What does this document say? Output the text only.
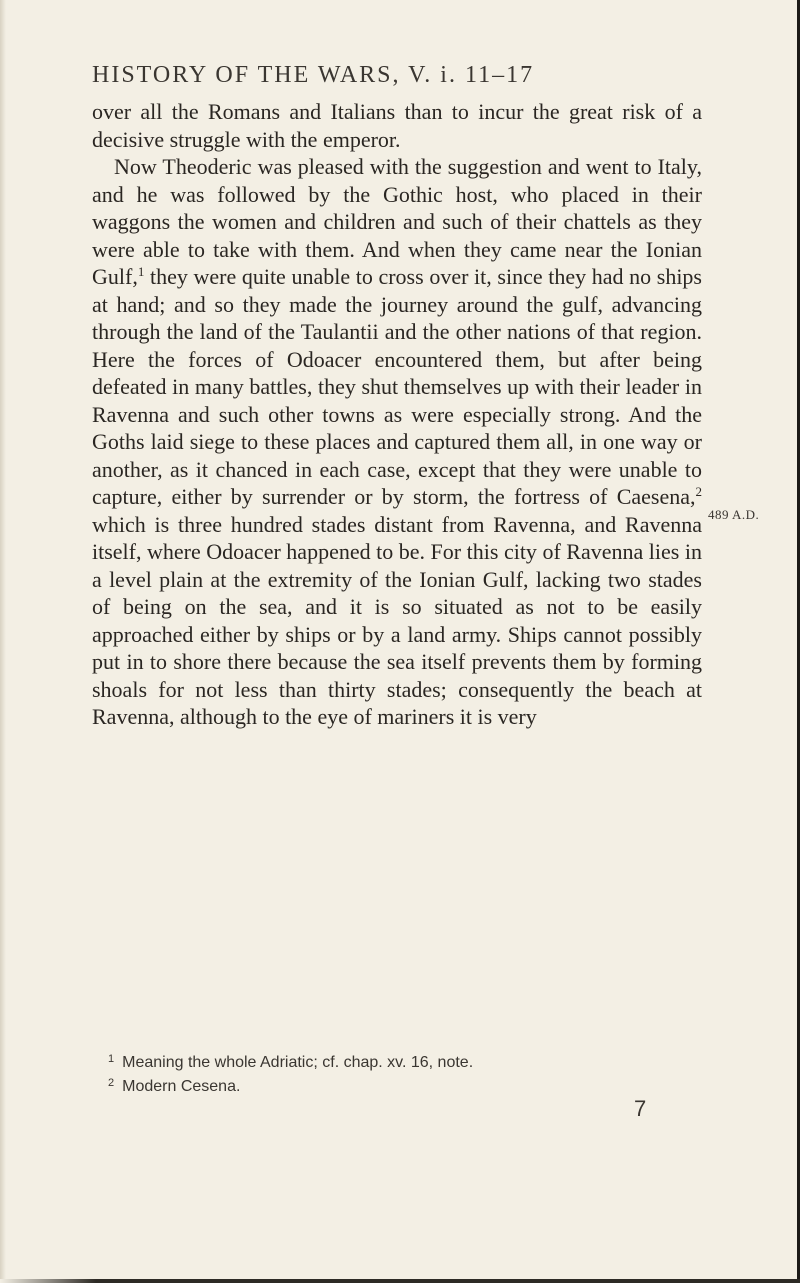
HISTORY OF THE WARS, V. i. 11–17

over all the Romans and Italians than to incur the great risk of a decisive struggle with the emperor.

Now Theoderic was pleased with the suggestion and went to Italy, and he was followed by the Gothic host, who placed in their waggons the women and children and such of their chattels as they were able to take with them. And when they came near the Ionian Gulf,$^1$ they were quite unable to cross over it, since they had no ships at hand; and so they made the journey around the gulf, advancing through the land of the Taulantii and the other nations of that region. Here the forces of Odoacer encountered them, but after being defeated in many battles, they shut themselves up with their leader in Ravenna and such other towns as were especially strong. And the Goths laid siege to these places and captured them all, in one way or another, as it chanced in each case, except that they were unable to capture, either by surrender or by storm, the fortress of Caesena,$^2$ which is three hundred stades distant from Ravenna, and Ravenna itself, where Odoacer happened to be. For this city of Ravenna lies in a level plain at the extremity of the Ionian Gulf, lacking two stades of being on the sea, and it is so situated as not to be easily approached either by ships or by a land army. Ships cannot possibly put in to shore there because the sea itself prevents them by forming shoals for not less than thirty stades; consequently the beach at Ravenna, although to the eye of mariners it is very

489 A.D.
$^1$ Meaning the whole Adriatic; cf. chap. xv. 16, note.
$^2$ Modern Cesena.
7
